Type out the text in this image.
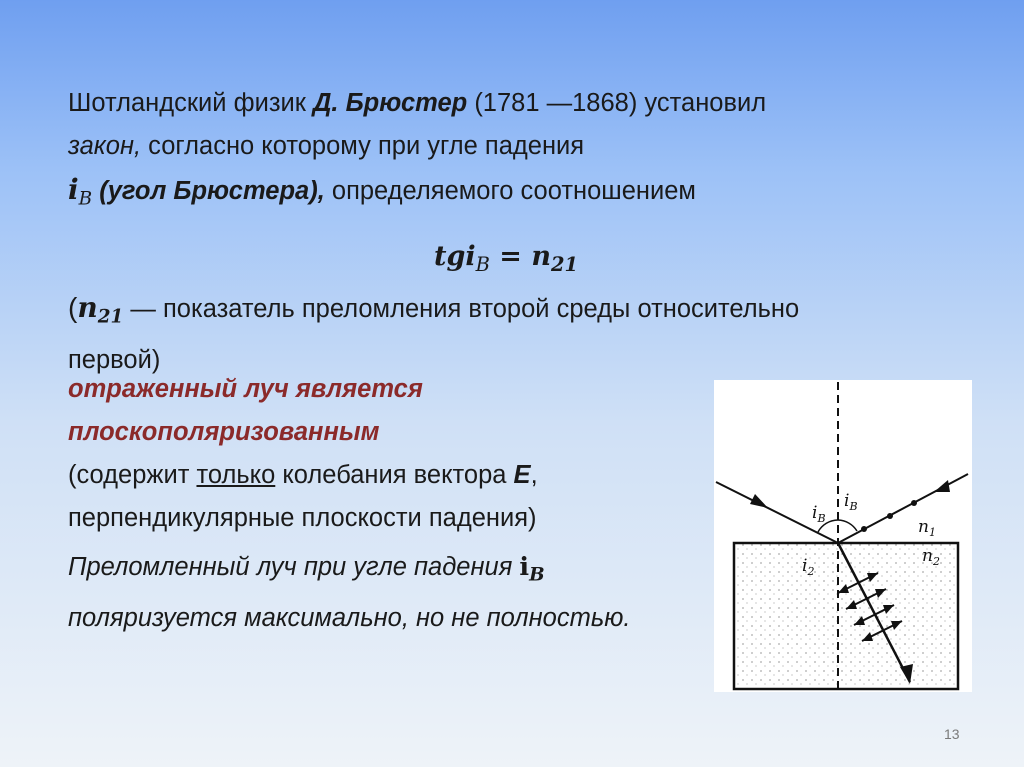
Шотландский физик Д. Брюстер (1781 —1868) установил
закон, согласно которому при угле падения
$i_B$ (угол Брюстера), определяемого соотношением
$tgi_B = n_{21}$
($n_{21}$ — показатель преломления второй среды относительно первой)
отраженный луч является плоскополяризованным
(содержит только колебания вектора E, перпендикулярные плоскости падения)
Преломленный луч при угле падения $i_B$ поляризуется максимально, но не полностью.
$i_B$
$i_B$
$n_1$
$n_2$
$i_2$
13
